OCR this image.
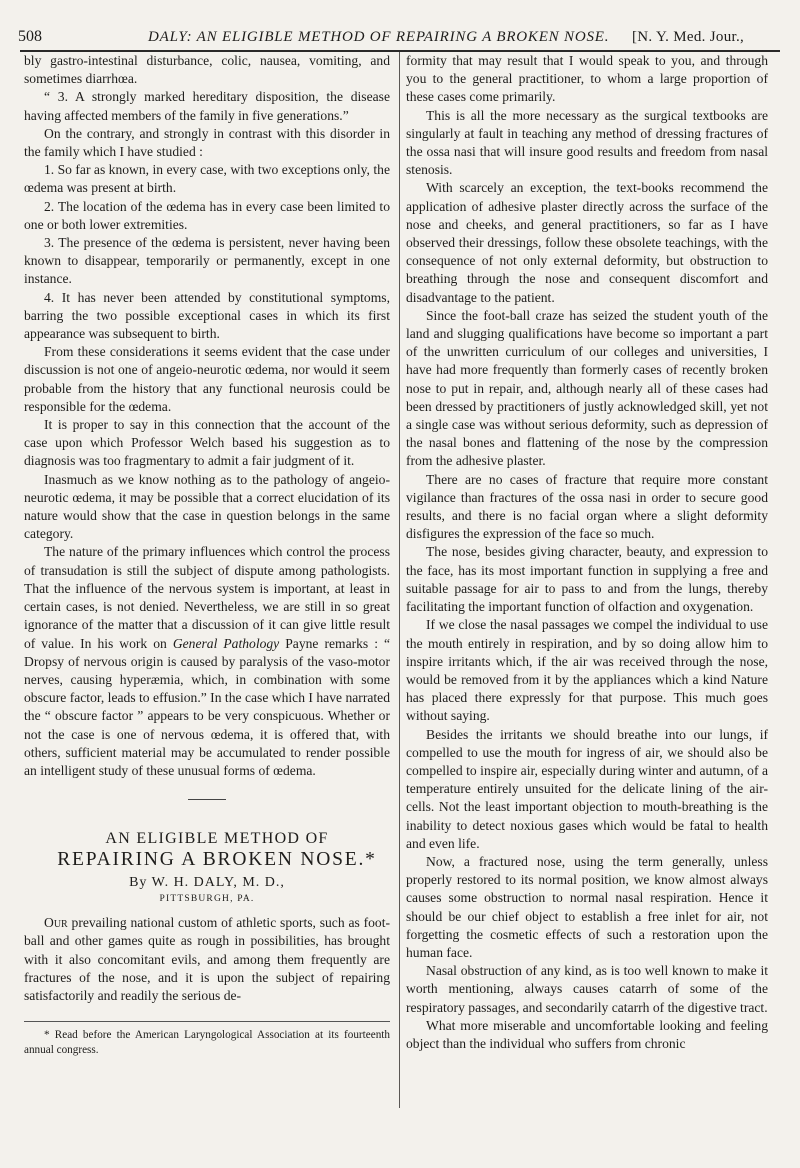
508	DALY: AN ELIGIBLE METHOD OF REPAIRING A BROKEN NOSE. [N. Y. Med. Jour.,

bly gastro-intestinal disturbance, colic, nausea, vomiting, and sometimes diarrhœa.

“ 3. A strongly marked hereditary disposition, the disease having affected members of the family in five generations.”

On the contrary, and strongly in contrast with this disorder in the family which I have studied :

1. So far as known, in every case, with two exceptions only, the œdema was present at birth.

2. The location of the œdema has in every case been limited to one or both lower extremities.

3. The presence of the œdema is persistent, never having been known to disappear, temporarily or permanently, except in one instance.

4. It has never been attended by constitutional symptoms, barring the two possible exceptional cases in which its first appearance was subsequent to birth.

From these considerations it seems evident that the case under discussion is not one of angeio-neurotic œdema, nor would it seem probable from the history that any functional neurosis could be responsible for the œdema.

It is proper to say in this connection that the account of the case upon which Professor Welch based his suggestion as to diagnosis was too fragmentary to admit a fair judgment of it.

Inasmuch as we know nothing as to the pathology of angeio-neurotic œdema, it may be possible that a correct elucidation of its nature would show that the case in question belongs in the same category.

The nature of the primary influences which control the process of transudation is still the subject of dispute among pathologists. That the influence of the nervous system is important, at least in certain cases, is not denied. Nevertheless, we are still in so great ignorance of the matter that a discussion of it can give little result of value. In his work on General Pathology Payne remarks : “ Dropsy of nervous origin is caused by paralysis of the vaso-motor nerves, causing hyperæmia, which, in combination with some obscure factor, leads to effusion.” In the case which I have narrated the “ obscure factor ” appears to be very conspicuous. Whether or not the case is one of nervous œdema, it is offered that, with others, sufficient material may be accumulated to render possible an intelligent study of these unusual forms of œdema.

AN ELIGIBLE METHOD OF

REPAIRING A BROKEN NOSE.*

By W. H. DALY, M. D.,
PITTSBURGH, PA.

Our prevailing national custom of athletic sports, such as foot-ball and other games quite as rough in possibilities, has brought with it also concomitant evils, and among them frequently are fractures of the nose, and it is upon the subject of repairing satisfactorily and readily the serious de-

* Read before the American Laryngological Association at its fourteenth annual congress.

formity that may result that I would speak to you, and through you to the general practitioner, to whom a large proportion of these cases come primarily.

This is all the more necessary as the surgical textbooks are singularly at fault in teaching any method of dressing fractures of the ossa nasi that will insure good results and freedom from nasal stenosis.

With scarcely an exception, the text-books recommend the application of adhesive plaster directly across the surface of the nose and cheeks, and general practitioners, so far as I have observed their dressings, follow these obsolete teachings, with the consequence of not only external deformity, but obstruction to breathing through the nose and consequent discomfort and disadvantage to the patient.

Since the foot-ball craze has seized the student youth of the land and slugging qualifications have become so important a part of the unwritten curriculum of our colleges and universities, I have had more frequently than formerly cases of recently broken nose to put in repair, and, although nearly all of these cases had been dressed by practitioners of justly acknowledged skill, yet not a single case was without serious deformity, such as depression of the nasal bones and flattening of the nose by the compression from the adhesive plaster.

There are no cases of fracture that require more constant vigilance than fractures of the ossa nasi in order to secure good results, and there is no facial organ where a slight deformity disfigures the expression of the face so much.

The nose, besides giving character, beauty, and expression to the face, has its most important function in supplying a free and suitable passage for air to pass to and from the lungs, thereby facilitating the important function of olfaction and oxygenation.

If we close the nasal passages we compel the individual to use the mouth entirely in respiration, and by so doing allow him to inspire irritants which, if the air was received through the nose, would be removed from it by the appliances which a kind Nature has placed there expressly for that purpose. This much goes without saying.

Besides the irritants we should breathe into our lungs, if compelled to use the mouth for ingress of air, we should also be compelled to inspire air, especially during winter and autumn, of a temperature entirely unsuited for the delicate lining of the air-cells. Not the least important objection to mouth-breathing is the inability to detect noxious gases which would be fatal to health and even life.

Now, a fractured nose, using the term generally, unless properly restored to its normal position, we know almost always causes some obstruction to normal nasal respiration. Hence it should be our chief object to establish a free inlet for air, not forgetting the cosmetic effects of such a restoration upon the human face.

Nasal obstruction of any kind, as is too well known to make it worth mentioning, always causes catarrh of some of the respiratory passages, and secondarily catarrh of the digestive tract.

What more miserable and uncomfortable looking and feeling object than the individual who suffers from chronic
